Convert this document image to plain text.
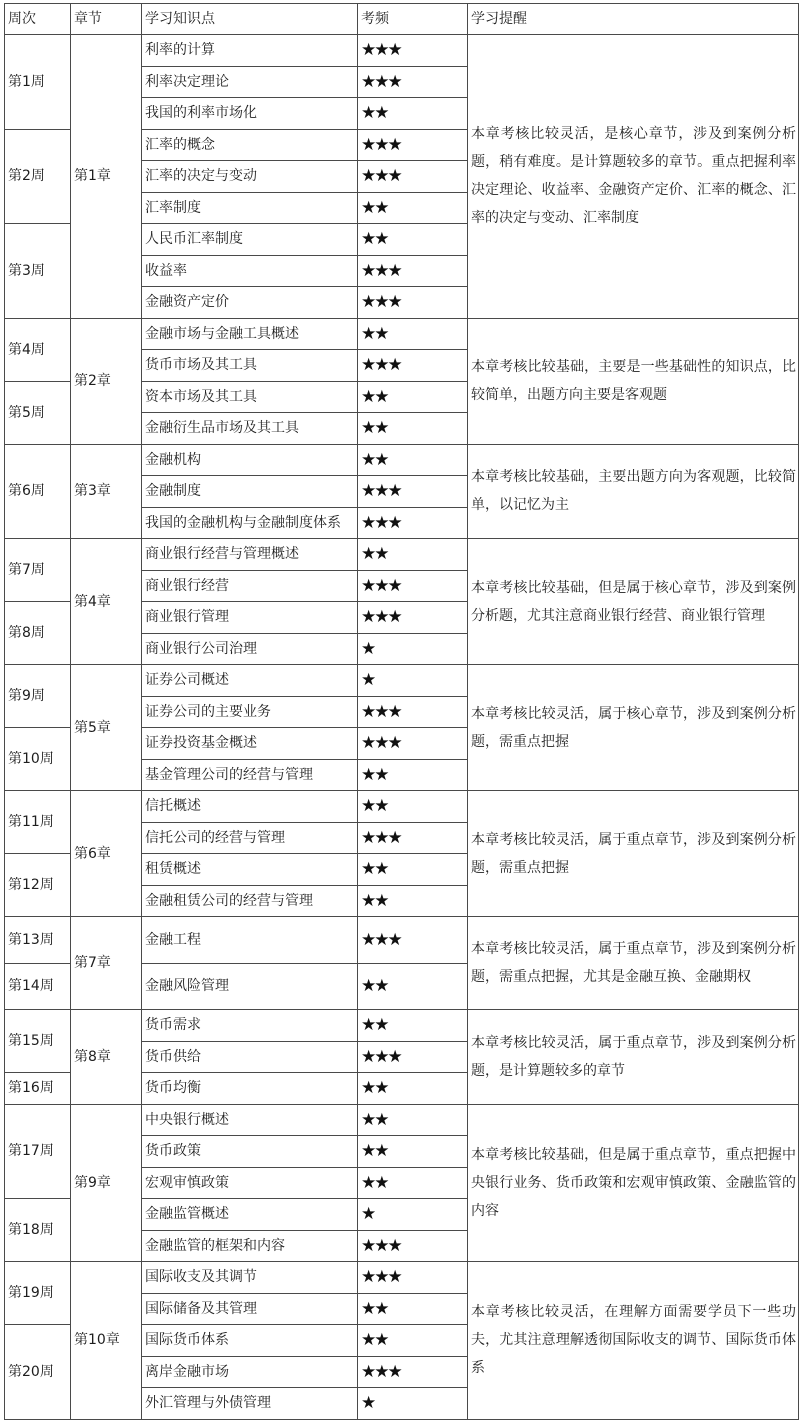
周次	章节	学习知识点	考频	学习提醒
第1周	第1章	利率的计算	★★★	本章考核比较灵活，是核心章节，涉及到案例分析题，稍有难度。是计算题较多的章节。重点把握利率决定理论、收益率、金融资产定价、汇率的概念、汇率的决定与变动、汇率制度
		利率决定理论	★★★	
		我国的利率市场化	★★	
第2周		汇率的概念	★★★	
		汇率的决定与变动	★★★	
		汇率制度	★★	
第3周		人民币汇率制度	★★	
		收益率	★★★	
		金融资产定价	★★★	
第4周	第2章	金融市场与金融工具概述	★★	本章考核比较基础，主要是一些基础性的知识点，比较简单，出题方向主要是客观题
		货币市场及其工具	★★★	
第5周		资本市场及其工具	★★	
		金融衍生品市场及其工具	★★	
第6周	第3章	金融机构	★★	本章考核比较基础，主要出题方向为客观题，比较简单，以记忆为主
		金融制度	★★★	
		我国的金融机构与金融制度体系	★★★	
第7周	第4章	商业银行经营与管理概述	★★	本章考核比较基础，但是属于核心章节，涉及到案例分析题，尤其注意商业银行经营、商业银行管理
		商业银行经营	★★★	
第8周		商业银行管理	★★★	
		商业银行公司治理	★	
第9周	第5章	证券公司概述	★	本章考核比较灵活，属于核心章节，涉及到案例分析题，需重点把握
		证券公司的主要业务	★★★	
第10周		证券投资基金概述	★★★	
		基金管理公司的经营与管理	★★	
第11周	第6章	信托概述	★★	本章考核比较灵活，属于重点章节，涉及到案例分析题，需重点把握
		信托公司的经营与管理	★★★	
第12周		租赁概述	★★	
		金融租赁公司的经营与管理	★★	
第13周	第7章	金融工程	★★★	本章考核比较灵活，属于重点章节，涉及到案例分析题，需重点把握，尤其是金融互换、金融期权
第14周		金融风险管理	★★	
第15周	第8章	货币需求	★★	本章考核比较灵活，属于重点章节，涉及到案例分析题，是计算题较多的章节
		货币供给	★★★	
第16周		货币均衡	★★	
第17周	第9章	中央银行概述	★★	本章考核比较基础，但是属于重点章节，重点把握中央银行业务、货币政策和宏观审慎政策、金融监管的内容
		货币政策	★★	
		宏观审慎政策	★★	
第18周		金融监管概述	★	
		金融监管的框架和内容	★★★	
第19周	第10章	国际收支及其调节	★★★	本章考核比较灵活，在理解方面需要学员下一些功夫，尤其注意理解透彻国际收支的调节、国际货币体系
		国际储备及其管理	★★	
第20周		国际货币体系	★★	
		离岸金融市场	★★★	
		外汇管理与外债管理	★	
